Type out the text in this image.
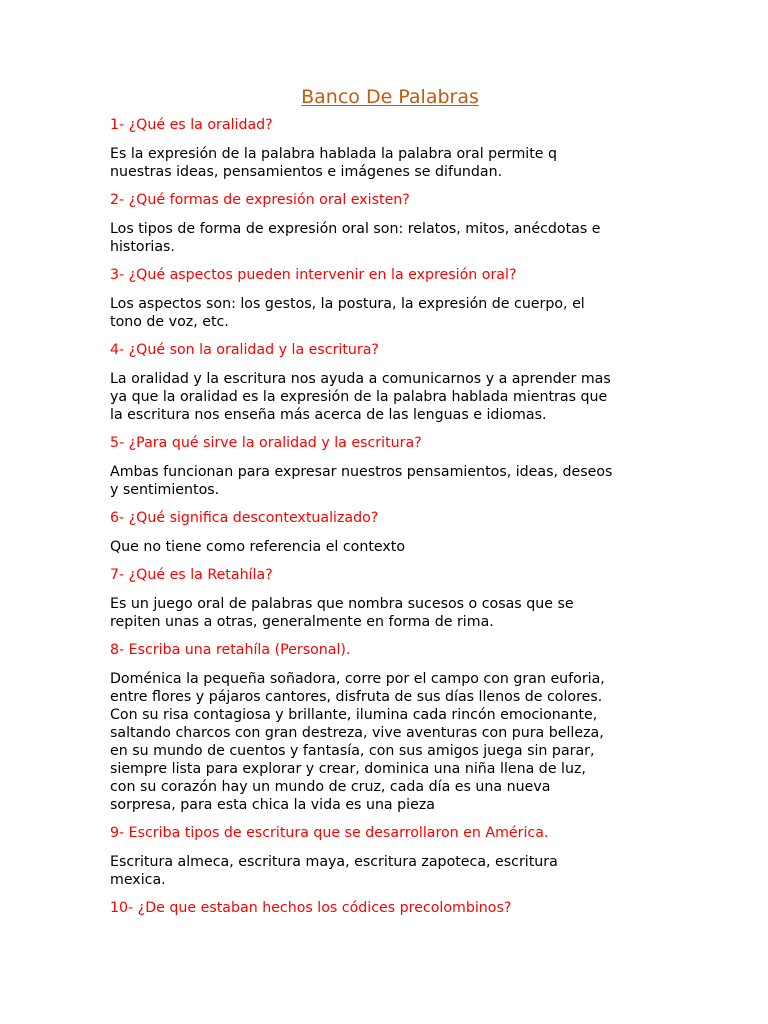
Banco De Palabras
1- ¿Qué es la oralidad?
Es la expresión de la palabra hablada la palabra oral permite q
nuestras ideas, pensamientos e imágenes se difundan.
2- ¿Qué formas de expresión oral existen?
Los tipos de forma de expresión oral son: relatos, mitos, anécdotas e
historias.
3- ¿Qué aspectos pueden intervenir en la expresión oral?
Los aspectos son: los gestos, la postura, la expresión de cuerpo, el
tono de voz, etc.
4- ¿Qué son la oralidad y la escritura?
La oralidad y la escritura nos ayuda a comunicarnos y a aprender mas
ya que la oralidad es la expresión de la palabra hablada mientras que
la escritura nos enseña más acerca de las lenguas e idiomas.
5- ¿Para qué sirve la oralidad y la escritura?
Ambas funcionan para expresar nuestros pensamientos, ideas, deseos
y sentimientos.
6- ¿Qué significa descontextualizado?
Que no tiene como referencia el contexto
7- ¿Qué es la Retahíla?
Es un juego oral de palabras que nombra sucesos o cosas que se
repiten unas a otras, generalmente en forma de rima.
8- Escriba una retahíla (Personal).
Doménica la pequeña soñadora, corre por el campo con gran euforia,
entre flores y pájaros cantores, disfruta de sus días llenos de colores.
Con su risa contagiosa y brillante, ilumina cada rincón emocionante,
saltando charcos con gran destreza, vive aventuras con pura belleza,
en su mundo de cuentos y fantasía, con sus amigos juega sin parar,
siempre lista para explorar y crear, dominica una niña llena de luz,
con su corazón hay un mundo de cruz, cada día es una nueva
sorpresa, para esta chica la vida es una pieza
9- Escriba tipos de escritura que se desarrollaron en América.
Escritura almeca, escritura maya, escritura zapoteca, escritura
mexica.
10- ¿De que estaban hechos los códices precolombinos?
